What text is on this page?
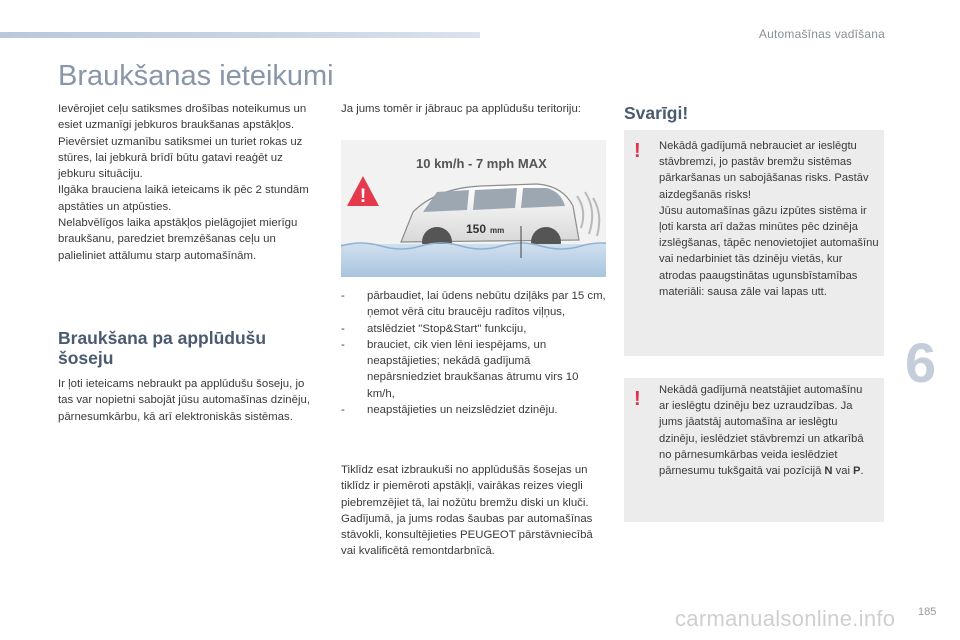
Automašīnas vadīšana
Braukšanas ieteikumi

Ievērojiet ceļu satiksmes drošības noteikumus un esiet uzmanīgi jebkuros braukšanas apstākļos.

Pievērsiet uzmanību satiksmei un turiet rokas uz stūres, lai jebkurā brīdī būtu gatavi reaģēt uz jebkuru situāciju.

Ilgāka brauciena laikā ieteicams ik pēc 2 stundām apstāties un atpūsties.

Nelabvēlīgos laika apstākļos pielāgojiet mierīgu braukšanu, paredziet bremzēšanas ceļu un palieliniet attālumu starp automašīnām.

Braukšana pa applūdušu šoseju

Ir ļoti ieteicams nebraukt pa applūdušu šoseju, jo tas var nopietni sabojāt jūsu automašīnas dzinēju, pārnesumkārbu, kā arī elektroniskās sistēmas.

Ja jums tomēr ir jābrauc pa applūdušu teritoriju:

!
10 km/h - 7 mph MAX
150 mm
- pārbaudiet, lai ūdens nebūtu dziļāks par 15 cm, ņemot vērā citu braucēju radītos viļņus,
- atslēdziet "Stop&Start" funkciju,
- brauciet, cik vien lēni iespējams, un neapstājieties; nekādā gadījumā nepārsniedziet braukšanas ātrumu virs 10 km/h,
- neapstājieties un neizslēdziet dzinēju.

Tiklīdz esat izbraukuši no applūdušās šosejas un tiklīdz ir piemēroti apstākļi, vairākas reizes viegli piebremzējiet tā, lai nožūtu bremžu diski un kluči.

Gadījumā, ja jums rodas šaubas par automašīnas stāvokli, konsultējieties PEUGEOT pārstāvniecībā vai kvalificētā remontdarbnīcā.

Svarīgi!
! Nekādā gadījumā nebrauciet ar ieslēgtu stāvbremzi, jo pastāv bremžu sistēmas pārkaršanas un sabojāšanas risks. Pastāv aizdegšanās risks!
Jūsu automašīnas gāzu izpūtes sistēma ir ļoti karsta arī dažas minūtes pēc dzinēja izslēgšanas, tāpēc nenovietojiet automašīnu vai nedarbiniet tās dzinēju vietās, kur atrodas paaugstinātas ugunsbīstamības materiāli: sausa zāle vai lapas utt.
! Nekādā gadījumā neatstājiet automašīnu ar ieslēgtu dzinēju bez uzraudzības. Ja jums jāatstāj automašīna ar ieslēgtu dzinēju, ieslēdziet stāvbremzi un atkarībā no pārnesumkārbas veida ieslēdziet pārnesumu tukšgaitā vai pozīcijā N vai P.
6
carmanualsonline.info 185
